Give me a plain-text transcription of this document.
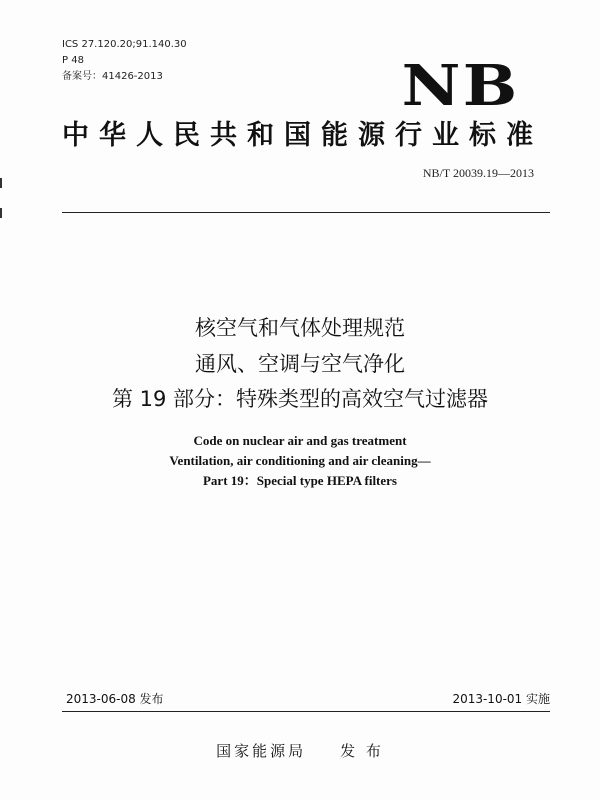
ICS 27.120.20;91.140.30
P 48
备案号：41426-2013	NB
中华人民共和国能源行业标准
NB/T 20039.19—2013
核空气和气体处理规范
通风、空调与空气净化
第 19 部分：特殊类型的高效空气过滤器
Code on nuclear air and gas treatment
Ventilation, air conditioning and air cleaning—
Part 19：Special type HEPA filters
2013-06-08 发布	2013-10-01 实施
国家能源局 发 布
